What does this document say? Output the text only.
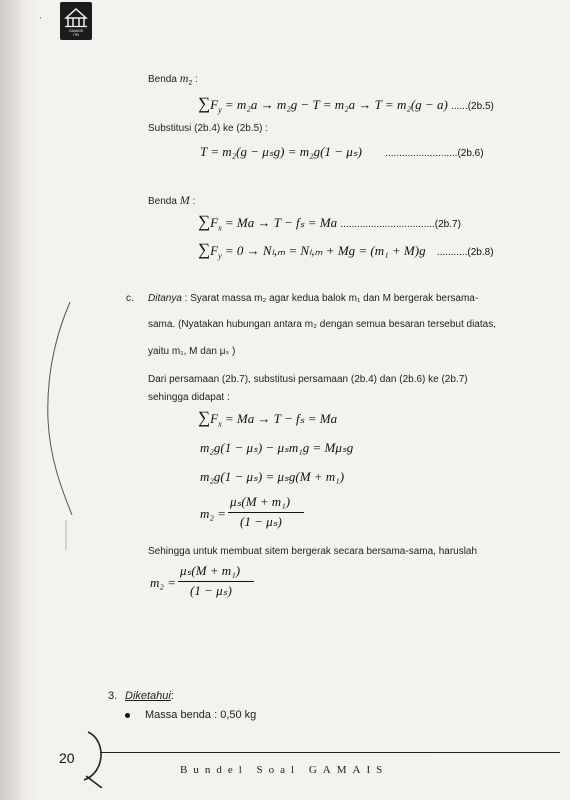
'
GAMAIS
ITB
Benda $m_2$ :
$\sum F_y = m_2a \to m_2g - T = m_2a \to T = m_2(g - a)$ ......(2b.5)
Substitusi (2b.4) ke (2b.5) :
T = m₂(g − μₛg) = m₂g(1 − μₛ) ..........................(2b.6)
Benda M :
$\sum F_x = Ma \to T - f_s = Ma$ ..................................(2b.7)
$\sum F_y = 0 \to N_l,_m = N_l,_m + Mg = (m_1 + M)g$ ...........(2b.8)
c. Ditanya : Syarat massa m₂ agar kedua balok m₁ dan M bergerak bersama-
sama. (Nyatakan hubungan antara m₂ dengan semua besaran tersebut diatas,
yaitu m₁, M dan μₛ )
Dari persamaan (2b.7), substitusi persamaan (2b.4) dan (2b.6) ke (2b.7)
sehingga didapat :
$\sum F_x = Ma \to T - f_s = Ma$
m₂g(1 − μₛ) − μₛm₁g = Mμₛg
m₂g(1 − μₛ) = μₛg(M + m₁)
m₂ =
μₛ(M + m₁)
(1 − μₛ)
Sehingga untuk membuat sitem bergerak secara bersama-sama, haruslah
m₂ =
μₛ(M + m₁)
(1 − μₛ)
3. Diketahui:
Massa benda : 0,50 kg
20
Bundel Soal GAMAIS
